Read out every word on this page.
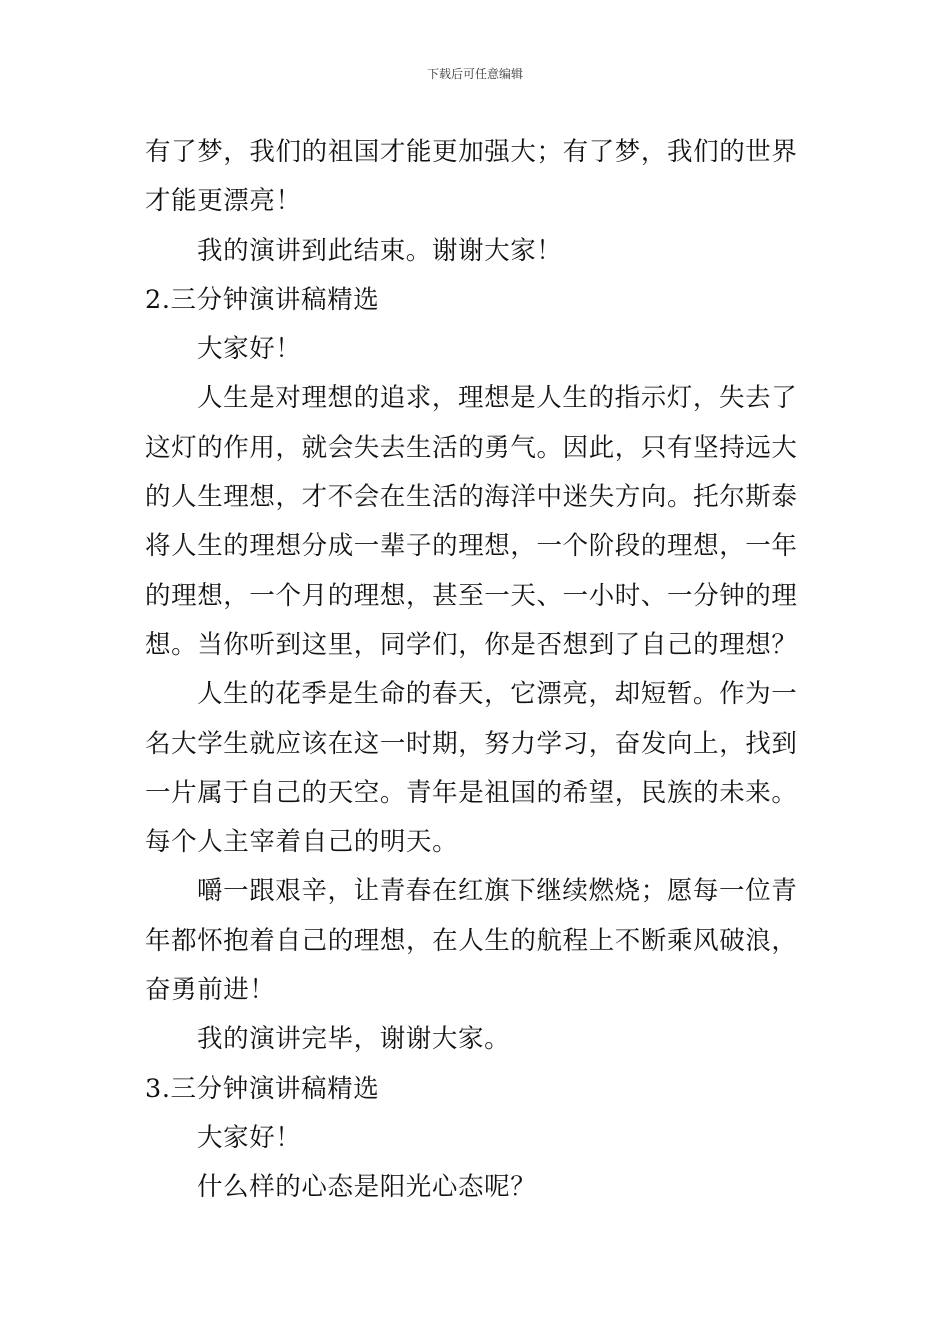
下载后可任意编辑
有了梦，我们的祖国才能更加强大；有了梦，我们的世界
才能更漂亮！
我的演讲到此结束。谢谢大家！
2.三分钟演讲稿精选
大家好！
人生是对理想的追求，理想是人生的指示灯，失去了
这灯的作用，就会失去生活的勇气。因此，只有坚持远大
的人生理想，才不会在生活的海洋中迷失方向。托尔斯泰
将人生的理想分成一辈子的理想，一个阶段的理想，一年
的理想，一个月的理想，甚至一天、一小时、一分钟的理
想。当你听到这里，同学们，你是否想到了自己的理想？
人生的花季是生命的春天，它漂亮，却短暂。作为一
名大学生就应该在这一时期，努力学习，奋发向上，找到
一片属于自己的天空。青年是祖国的希望，民族的未来。
每个人主宰着自己的明天。
嚼一跟艰辛，让青春在红旗下继续燃烧；愿每一位青
年都怀抱着自己的理想，在人生的航程上不断乘风破浪，
奋勇前进！
我的演讲完毕，谢谢大家。
3.三分钟演讲稿精选
大家好！
什么样的心态是阳光心态呢？
